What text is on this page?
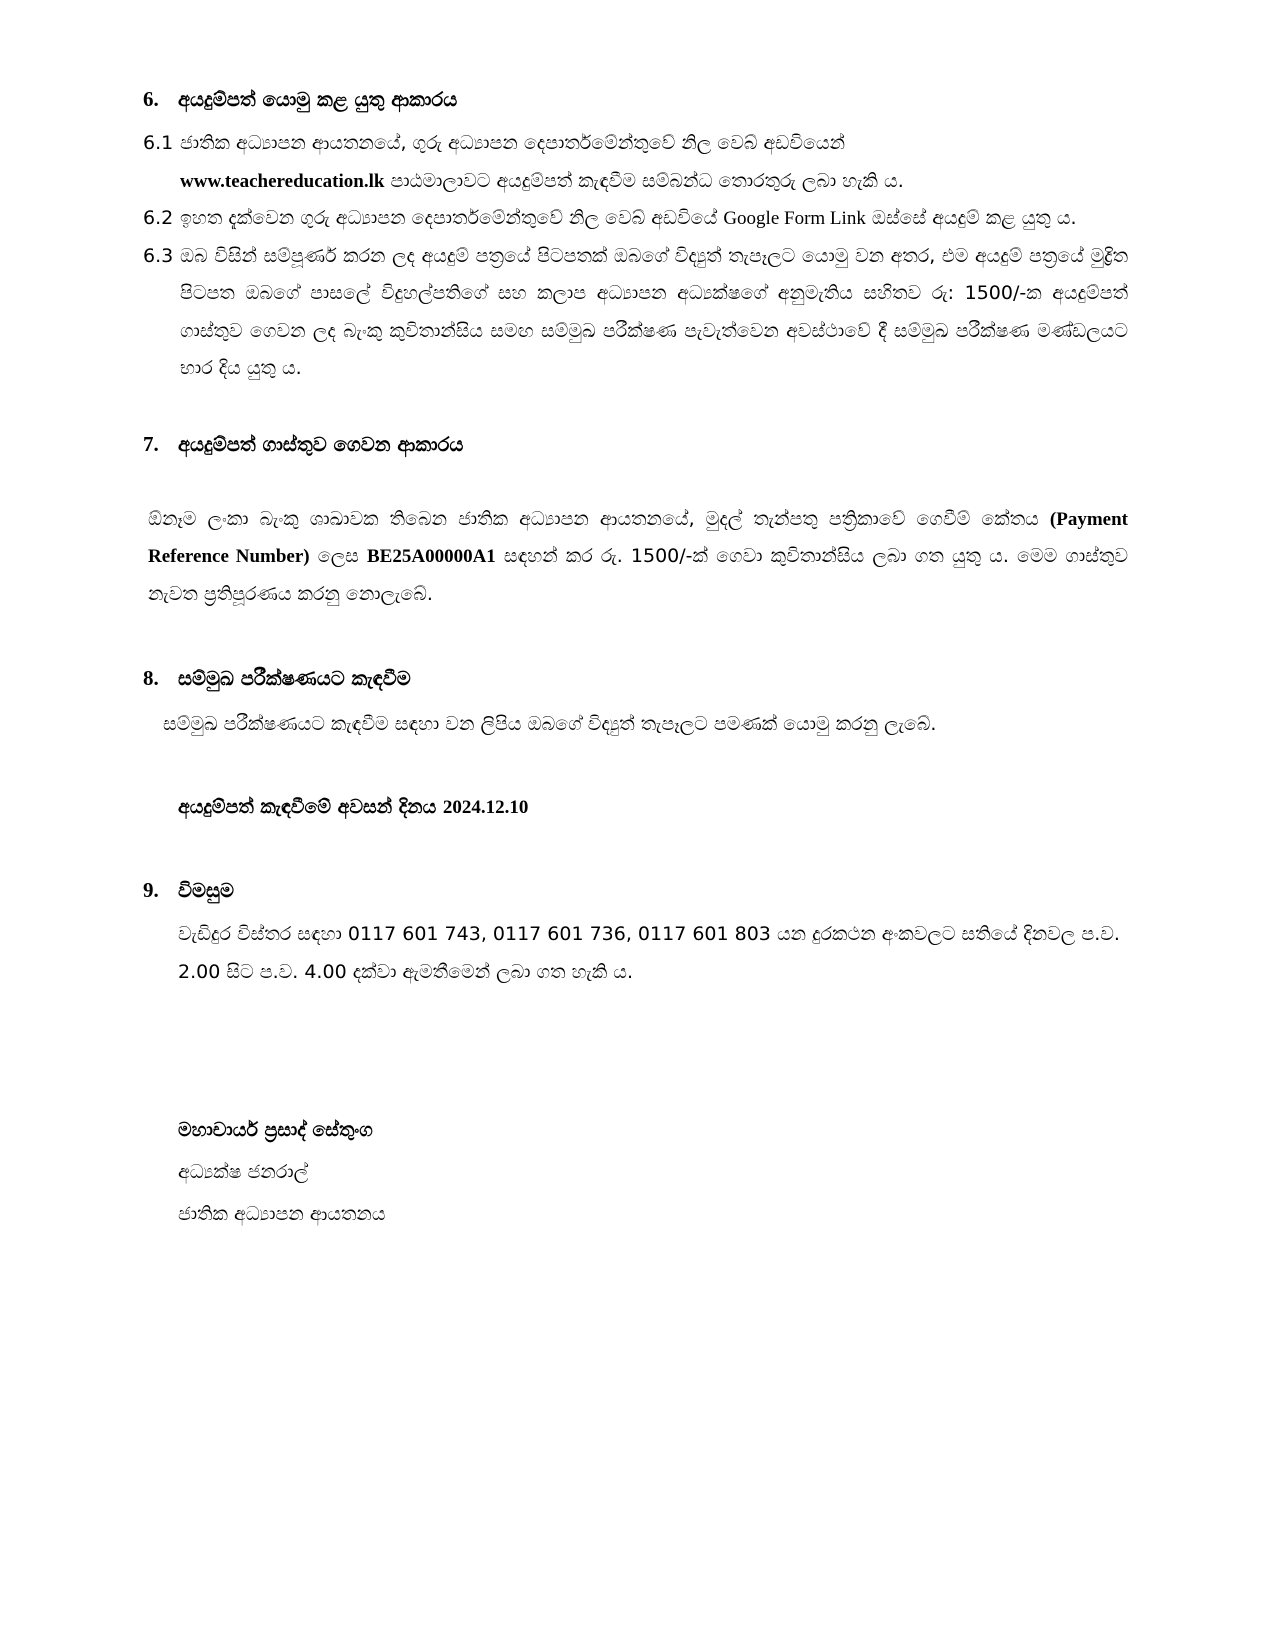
6. අයදුම්පත් යොමු කළ යුතු ආකාරය
6.1 ජාතික අධ්‍යාපන ආයතනයේ, ගුරු අධ්‍යාපන දෙපාර්තමේන්තුවේ නිල වෙබ් අඩවියෙන්
www.teachereducation.lk පාඨමාලාවට අයදුම්පත් කැඳවීම සම්බන්ධ තොරතුරු ලබා හැකි ය.
6.2 ඉහත දැක්වෙන ගුරු අධ්‍යාපන දෙපාර්තමේන්තුවේ නිල වෙබ් අඩවියේ Google Form Link ඔස්සේ අයදුම් කළ යුතු ය.
6.3 ඔබ විසින් සම්පූර්ණ කරන ලද අයදුම් පත්‍රයේ පිටපතක් ඔබගේ විද්‍යුත් තැපෑලට යොමු වන අතර, එම අයදුම් පත්‍රයේ මුද්‍රිත පිටපත ඔබගේ පාසලේ විදුහල්පතිගේ සහ කලාප අධ්‍යාපන අධ්‍යක්ෂගේ අනුමැතිය සහිතව රු: 1500/-ක අයදුම්පත් ගාස්තුව ගෙවන ලද බැංකු කුවිතාන්සිය සමඟ සම්මුඛ පරීක්ෂණ පැවැත්වෙන අවස්ථාවේ දී සම්මුඛ පරීක්ෂණ මණ්ඩලයට භාර දිය යුතු ය.
7. අයදුම්පත් ගාස්තුව ගෙවන ආකාරය
ඕනෑම ලංකා බැංකු ශාඛාවක තිබෙන ජාතික අධ්‍යාපන ආයතනයේ, මුදල් තැන්පතු පත්‍රිකාවේ ගෙවීම් කේතය (Payment Reference Number) ලෙස BE25A00000A1 සඳහන් කර රු. 1500/-ක් ගෙවා කුවිතාන්සිය ලබා ගත යුතු ය. මෙම ගාස්තුව නැවත ප්‍රතිපූරණය කරනු නොලැබේ.
8. සම්මුඛ පරීක්ෂණයට කැඳවීම
සම්මුඛ පරීක්ෂණයට කැඳවීම සඳහා වන ලිපිය ඔබගේ විද්‍යුත් තැපෑලට පමණක් යොමු කරනු ලැබේ.
අයදුම්පත් කැඳවීමේ අවසන් දිනය 2024.12.10
9. විමසුම
වැඩිදුර විස්තර සඳහා 0117 601 743, 0117 601 736, 0117 601 803 යන දුරකථන අංකවලට සතියේ දිනවල ප.ව. 2.00 සිට ප.ව. 4.00 දක්වා ඇමතීමෙන් ලබා ගත හැකි ය.
මහාචාර්ය ප්‍රසාද් සේතුංග
අධ්‍යක්ෂ ජනරාල්
ජාතික අධ්‍යාපන ආයතනය
